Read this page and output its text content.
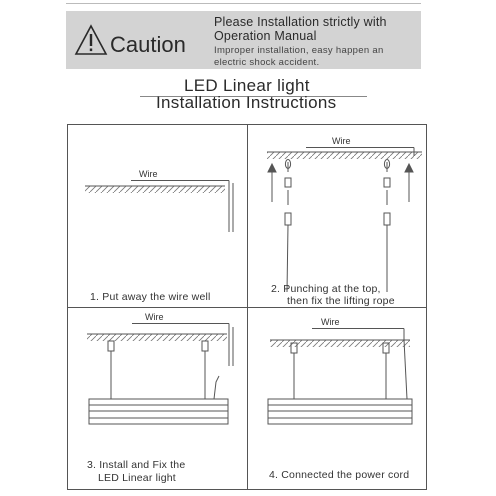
Caution
Please Installation strictly with
Operation Manual
Improper installation, easy happen an
electric shock accident.
LED Linear light
Installation Instructions
Wire
Wire
Wire	Wire
1. Put away the wire well
2. Punching at the top,
then fix the lifting rope
3. Install and Fix the
LED Linear light	4. Connected the power cord
